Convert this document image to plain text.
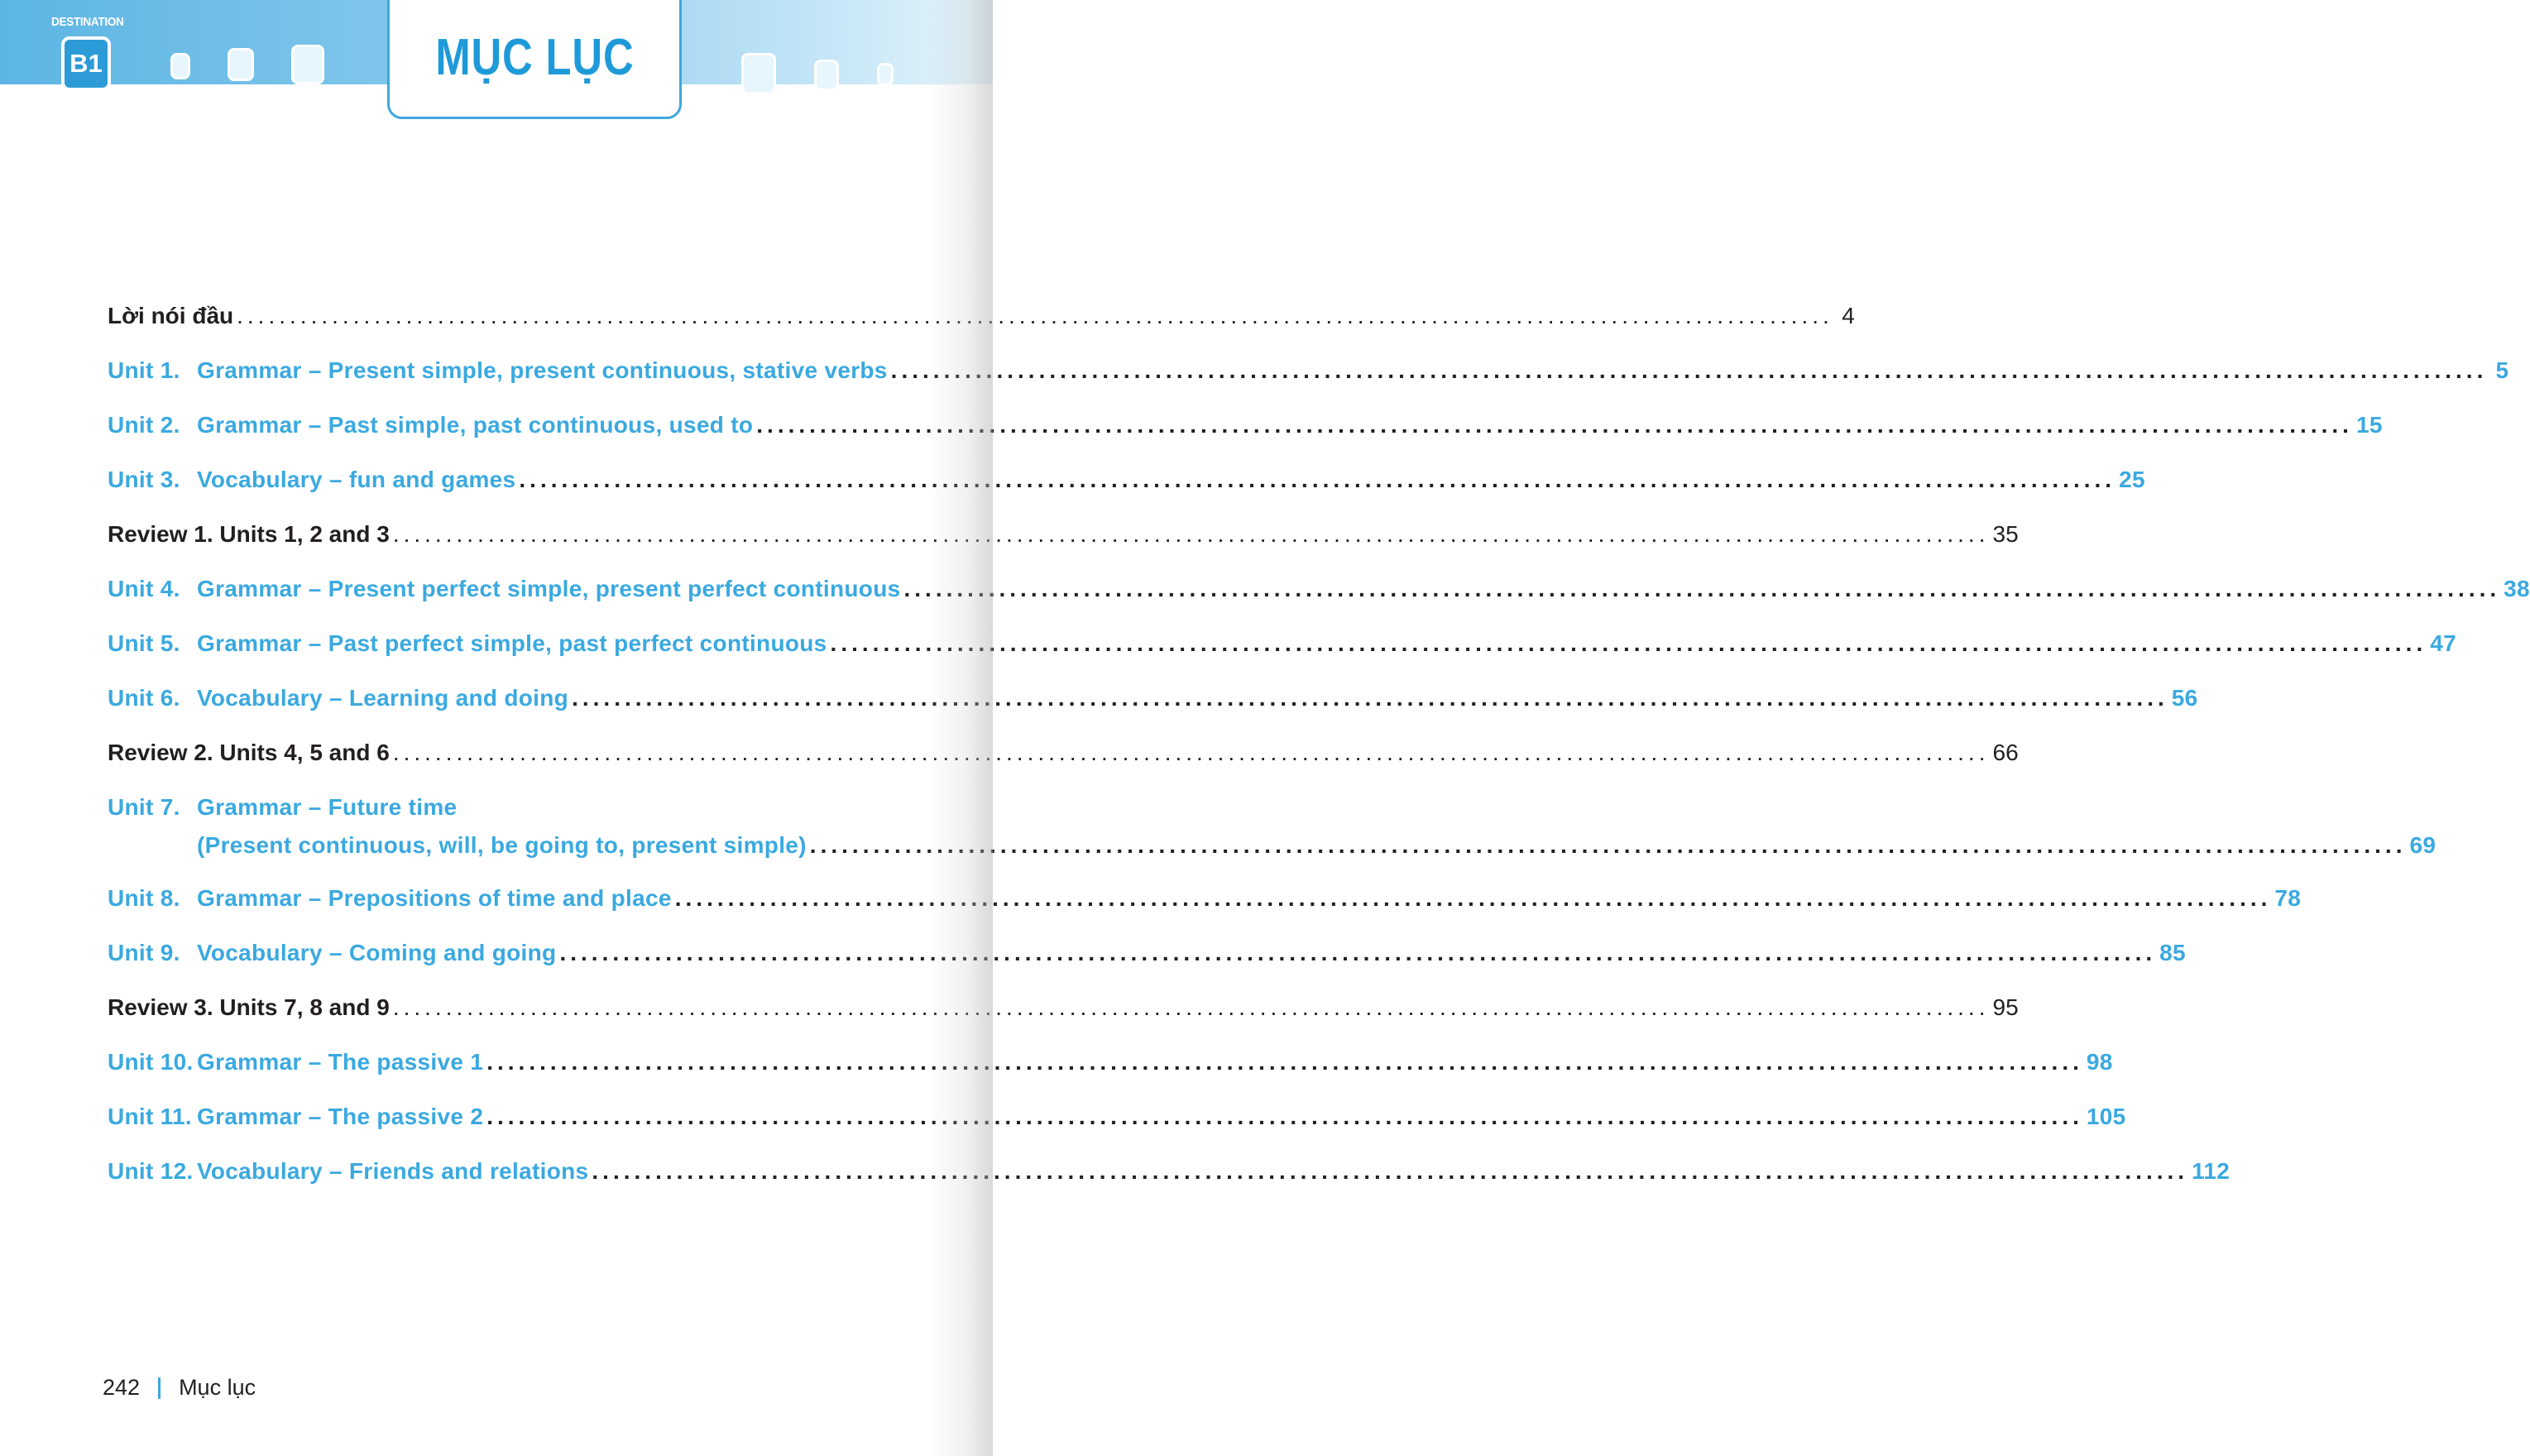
DESTINATION
B1	MỤC LỤC
Lời nói đầu .....	4
Unit 1. Grammar – Present simple, present continuous, stative verbs .....	5
Unit 2. Grammar – Past simple, past continuous, used to .....	15
Unit 3. Vocabulary – fun and games .....	25
Review 1. Units 1, 2 and 3 .....	35
Unit 4. Grammar – Present perfect simple, present perfect continuous .....	38
Unit 5. Grammar – Past perfect simple, past perfect continuous .....	47
Unit 6. Vocabulary – Learning and doing .....	56
Review 2. Units 4, 5 and 6 .....	66
Unit 7. Grammar – Future time
(Present continuous, will, be going to, present simple) .....	69
Unit 8. Grammar – Prepositions of time and place .....	78
Unit 9. Vocabulary – Coming and going .....	85
Review 3. Units 7, 8 and 9 .....	95
Unit 10. Grammar – The passive 1 .....	98
Unit 11. Grammar – The passive 2 .....	105
Unit 12. Vocabulary – Friends and relations .....	112
242 Mục lục
